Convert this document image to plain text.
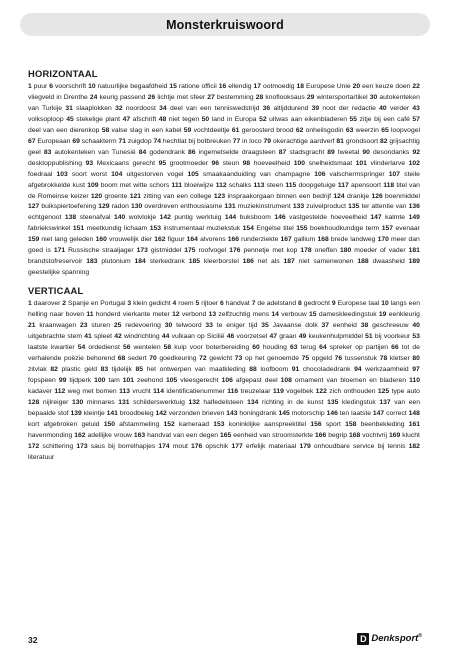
Monsterkruiswoord
HORIZONTAAL

1 puur 6 voorschrift 10 natuurlijke begaafdheid 15 ratione officii 16 ellendig 17 ootmoedig 18 Europese Unie 20 een keuze doen 22 vliegveld in Drenthe 24 keurig passend 26 lichtje met sfeer 27 bestemming 28 knoflooksaus 29 wintersportartikel 30 autokenteken van Turkije 31 slaaplokken 32 noordoost 34 deel van een tenniswedstrijd 36 altijddurend 39 noot der redactie 40 verder 43 volksoploop 45 stekelige plant 47 afschrift 48 niet tegen 50 land in Europa 52 uitwas aan eikenbladeren 55 zitje bij een café 57 deel van een dierenkop 58 valse slag in een kabel 59 vochtdeeltje 61 geroosterd brood 62 onheilsgodin 63 weerzin 65 loopvogel 67 Europeaan 69 schaakterm 71 zuigdop 74 hechtlat bij botbreuken 77 in loco 79 okerachtige aardverf 81 grondsoort 82 grijsachtig geel 83 autokenteken van Tunesië 84 godendrank 86 ingemetselde draagsteen 87 stadsgracht 89 tweetal 90 desondanks 92 desktoppublishing 93 Mexicaans gerecht 95 grootmoeder 96 steun 98 hoeveelheid 100 snelheidsmaat 101 vlinderlarve 102 foedraal 103 soort worst 104 uitgestorven vogel 105 smaakaanduiding van champagne 106 valschermspringer 107 steile afgebrokkelde kust 109 boom met witte schors 111 bloeiwijze 112 schalks 113 steen 115 doopgetuige 117 apensoort 118 titel van de Romeinse keizer 120 groente 121 zitting van een college 123 inspraakorgaan binnen een bedrijf 124 drankje 126 boenmiddel 127 buikspiertoefening 129 radon 130 overdreven enthousiasme 131 muziekinstrument 133 zuivelproduct 135 ter attentie van 136 echtgenoot 138 steenafval 140 wolvlokje 142 puntig werktuig 144 buksboom 146 vastgestelde hoeveelheid 147 kalmte 149 fabriekswinkel 151 meetkundig lichaam 153 instrumentaal muziekstuk 154 Engelse titel 155 boekhoudkundige term 157 evenaar 159 niet lang geleden 160 vrouwelijk dier 162 figuur 164 alvorens 166 runderziekte 167 gallium 168 brede landweg 170 meer dan goed is 171 Russische straaljager 173 gistmiddel 175 roofvogel 176 pennetje met kop 178 oneffen 180 moeder of vader 181 brandstofreservoir 183 plutonium 184 sterkedrank 185 kleerborstel 186 net als 187 niet samenwonen 188 dwaasheid 189 geestelijke spanning

VERTICAAL

1 daarover 2 Spanje en Portugal 3 klein gedicht 4 roem 5 rijtoer 6 handvat 7 de adelstand 8 gedrocht 9 Europese taal 10 langs een helling naar boven 11 honderd vierkante meter 12 verbond 13 zelfzuchtig mens 14 verbouw 15 dameskleedingstuk 19 eenkleurig 21 kraanwagen 23 sturen 25 redevoering 30 telwoord 33 te eniger tijd 35 Javaanse dolk 37 eenheid 38 geschreeuw 40 uitgebrachte stem 41 spleet 42 windrichting 44 vulkaan op Sicilië 46 voorzetsel 47 graan 49 keukenhulpmiddel 51 bij voorkeur 53 laatste kwartier 54 ordedienst 56 wentelen 58 kuip voor boterbereiding 60 houding 63 terug 64 spreker op partijen 66 tot de verhalende poëzie behorend 68 sedert 70 goedkeuring 72 gewicht 73 op het genoemde 75 opgeld 76 tussenstuk 78 kletser 80 zitvlak 82 plastic geld 83 tijdelijk 85 het ontwerpen van maatkleding 88 loofboom 91 chocoladedrank 94 werkzaamheid 97 fopspeen 99 tijdperk 100 tam 101 zeehond 105 vleesgerecht 106 afgepast deel 108 ornament van bloemen en bladeren 110 kadaver 112 weg met bomen 113 vrucht 114 identificatienummer 116 treuzelaar 119 vogelbek 122 zich onthouden 125 type auto 128 nijlreiger 130 minnares 131 schilderswerktuig 132 halfedelsteen 134 richting in de kunst 135 kledingstuk 137 van een bepaalde stof 139 kleintje 141 broodbeleg 142 verzonden brieven 143 honingdrank 145 motorschip 146 ten laatste 147 correct 148 kort afgebroken geluid 150 afstammeling 152 kameraad 153 koninklijke aanspreektitel 156 sport 158 beenbekleding 161 havenmonding 162 adellijke vrouw 163 handvat van een degen 165 eenheid van stroomsterkte 166 begrip 168 vochtvrij 169 klucht 172 schittering 173 saus bij borrelhapjes 174 mout 176 opschik 177 erfelijk materiaal 179 onhoudbare service bij tennis 182 literatuur

32	D Denksport®
